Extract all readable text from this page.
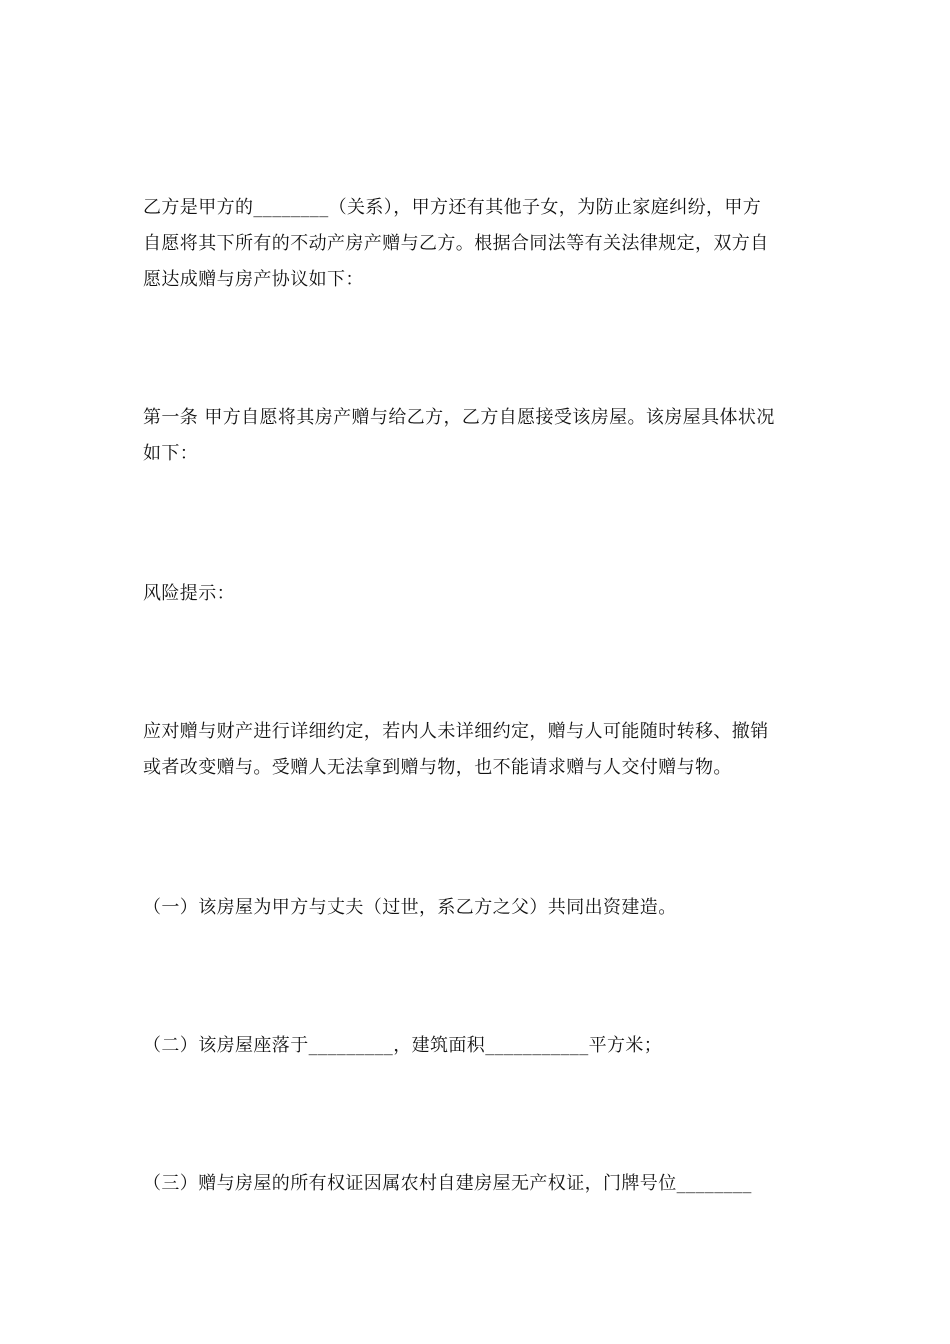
乙方是甲方的________（关系），甲方还有其他子女，为防止家庭纠纷，甲方
自愿将其下所有的不动产房产赠与乙方。根据合同法等有关法律规定，双方自
愿达成赠与房产协议如下：
第一条 甲方自愿将其房产赠与给乙方，乙方自愿接受该房屋。该房屋具体状况
如下：
风险提示：
应对赠与财产进行详细约定，若内人未详细约定，赠与人可能随时转移、撤销
或者改变赠与。受赠人无法拿到赠与物，也不能请求赠与人交付赠与物。
（一）该房屋为甲方与丈夫（过世，系乙方之父）共同出资建造。
（二）该房屋座落于_________，建筑面积___________平方米；
（三）赠与房屋的所有权证因属农村自建房屋无产权证，门牌号位________
